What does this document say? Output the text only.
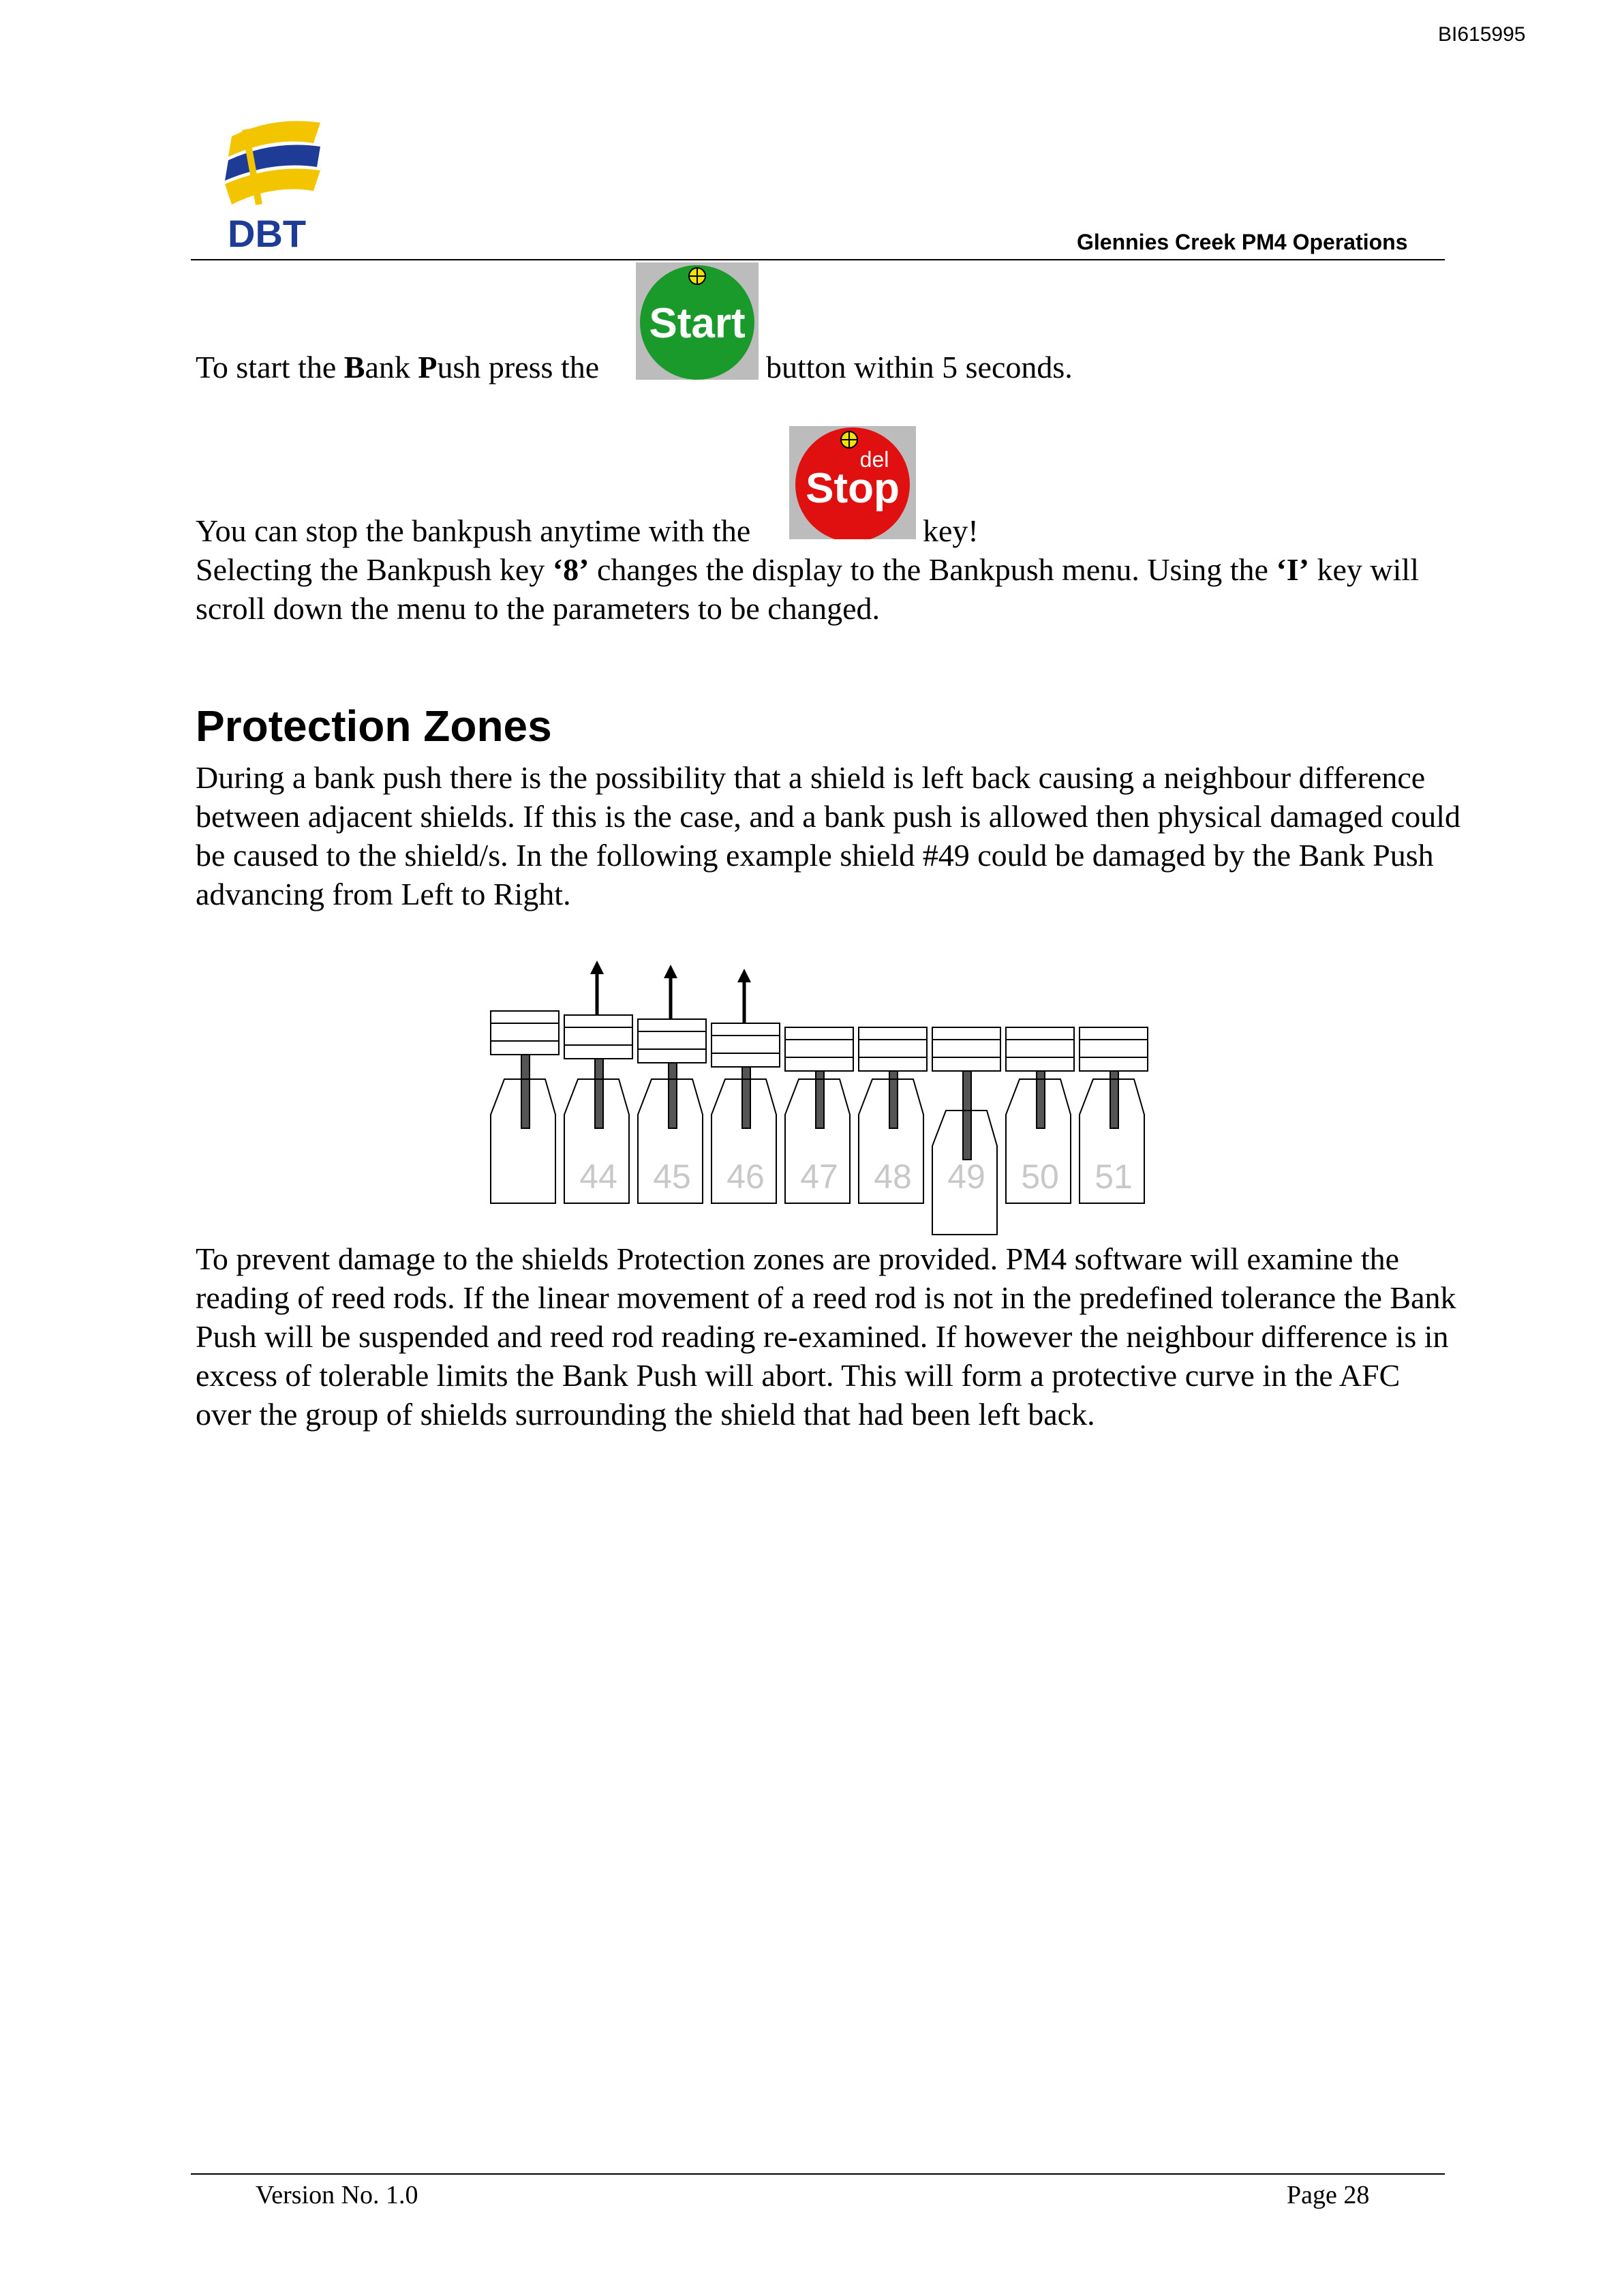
BI615995
DBT	Glennies Creek PM4 Operations
To start the Bank Push press the
Start
button within 5 seconds.
You can stop the bankpush anytime with the
del
Stop
key!
Selecting the Bankpush key ‘8’ changes the display to the Bankpush menu. Using the ‘I’ key will scroll down the menu to the parameters to be changed.
Protection Zones
During a bank push there is the possibility that a shield is left back causing a neighbour difference between adjacent shields. If this is the case, and a bank push is allowed then physical damaged could be caused to the shield/s. In the following example shield #49 could be damaged by the Bank Push advancing from Left to Right.
44 45 46 47 48 49 50 51
To prevent damage to the shields Protection zones are provided. PM4 software will examine the reading of reed rods. If the linear movement of a reed rod is not in the predefined tolerance the Bank Push will be suspended and reed rod reading re-examined. If however the neighbour difference is in excess of tolerable limits the Bank Push will abort. This will form a protective curve in the AFC over the group of shields surrounding the shield that had been left back.
Version No. 1.0	Page 28
